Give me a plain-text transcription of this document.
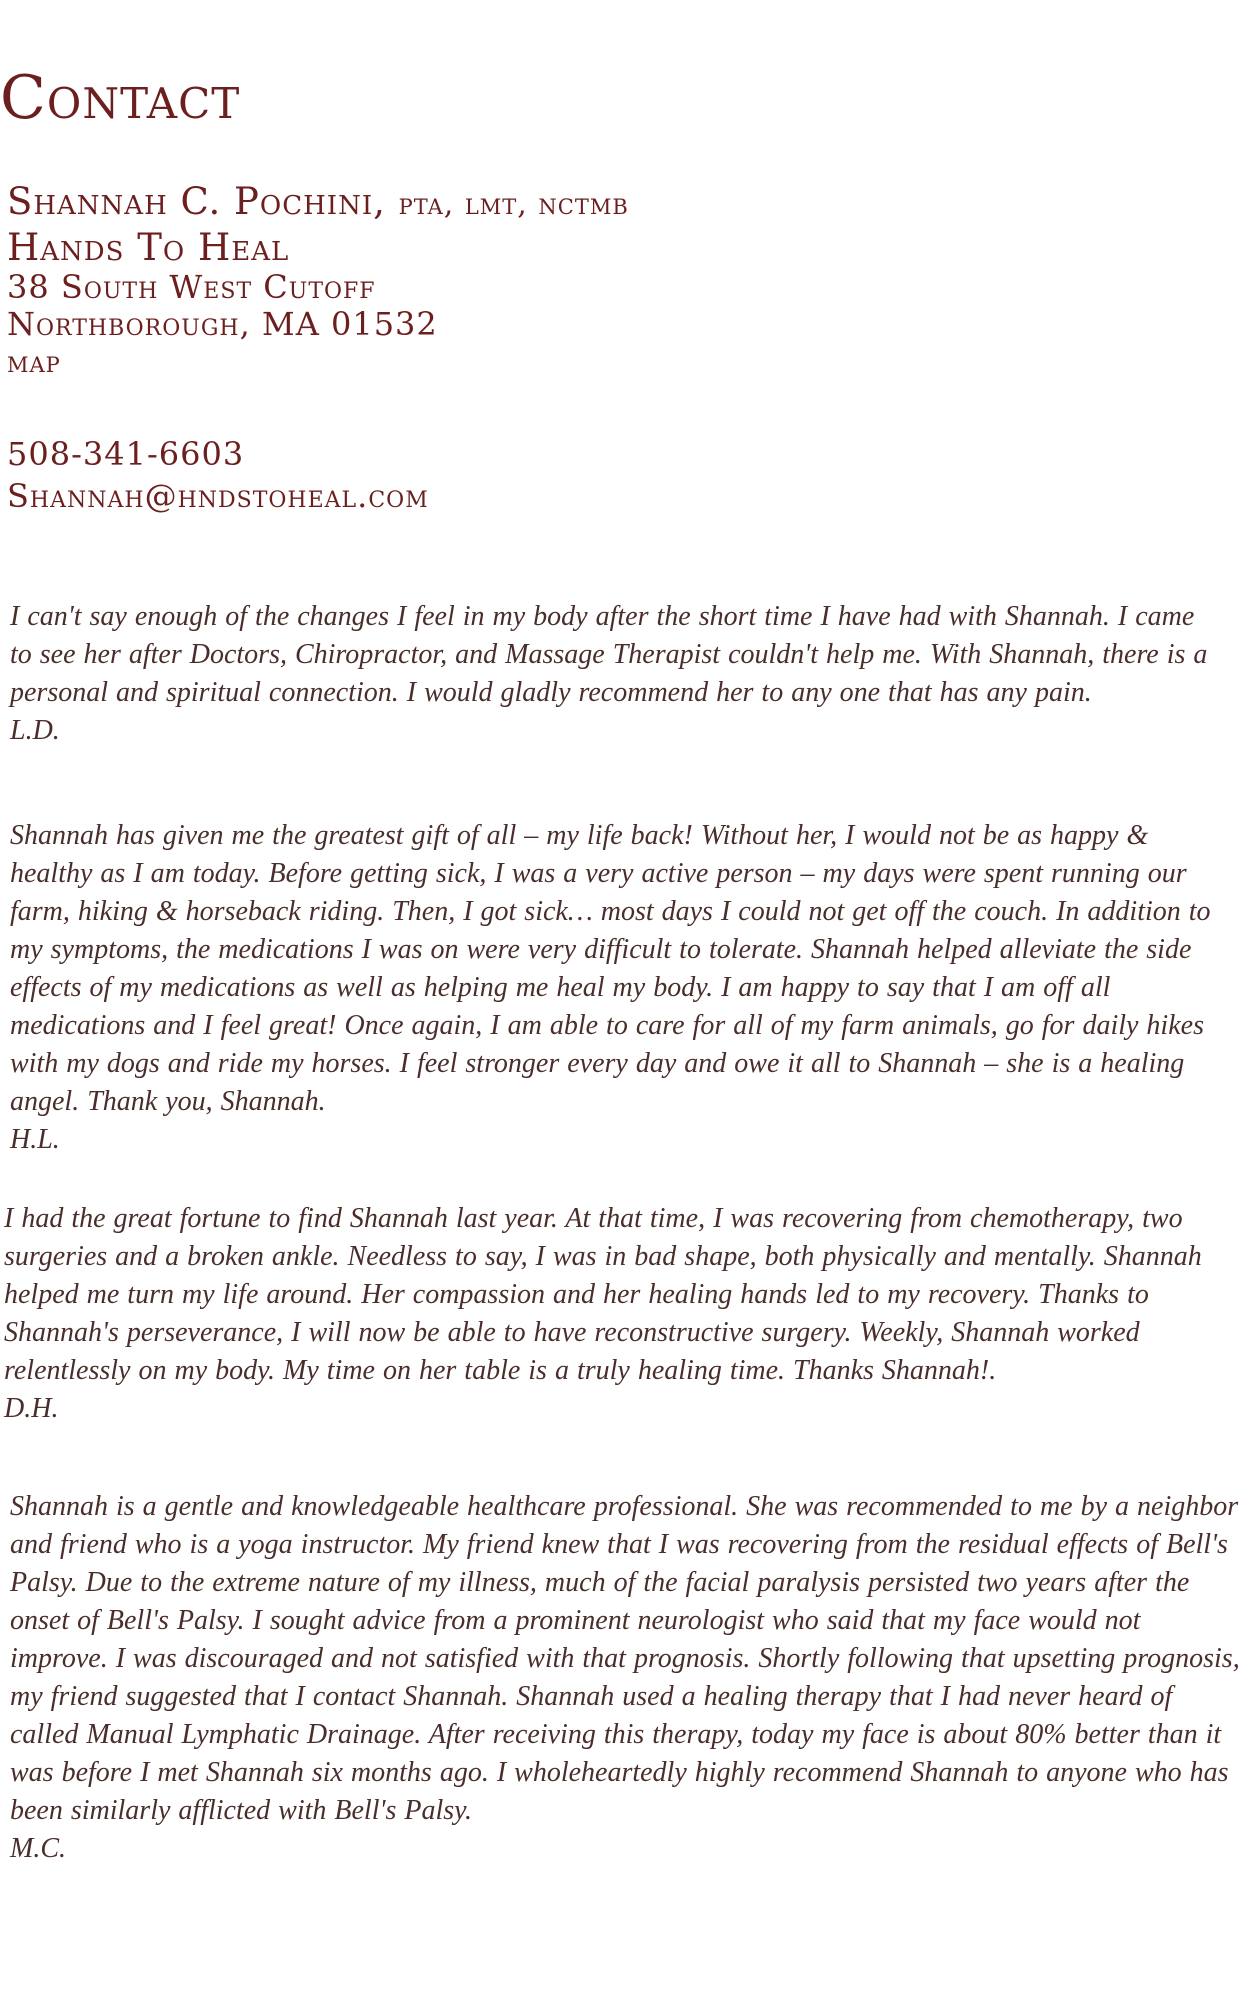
Contact
Shannah C. Pochini, pta, lmt, nctmb
Hands To Heal
38 South West Cutoff
Northborough, MA 01532
map
508-341-6603
Shannah@hndstoheal.com

I can't say enough of the changes I feel in my body after the short time I have had with Shannah. I came to see her after Doctors, Chiropractor, and Massage Therapist couldn't help me. With Shannah, there is a personal and spiritual connection. I would gladly recommend her to any one that has any pain.
L.D.

Shannah has given me the greatest gift of all – my life back! Without her, I would not be as happy & healthy as I am today. Before getting sick, I was a very active person – my days were spent running our farm, hiking & horseback riding. Then, I got sick… most days I could not get off the couch. In addition to my symptoms, the medications I was on were very difficult to tolerate. Shannah helped alleviate the side effects of my medications as well as helping me heal my body. I am happy to say that I am off all medications and I feel great! Once again, I am able to care for all of my farm animals, go for daily hikes with my dogs and ride my horses. I feel stronger every day and owe it all to Shannah – she is a healing angel. Thank you, Shannah.
H.L.

I had the great fortune to find Shannah last year. At that time, I was recovering from chemotherapy, two surgeries and a broken ankle. Needless to say, I was in bad shape, both physically and mentally. Shannah helped me turn my life around. Her compassion and her healing hands led to my recovery. Thanks to Shannah's perseverance, I will now be able to have reconstructive surgery. Weekly, Shannah worked relentlessly on my body. My time on her table is a truly healing time. Thanks Shannah!.
D.H.

Shannah is a gentle and knowledgeable healthcare professional. She was recommended to me by a neighbor and friend who is a yoga instructor. My friend knew that I was recovering from the residual effects of Bell's Palsy. Due to the extreme nature of my illness, much of the facial paralysis persisted two years after the onset of Bell's Palsy. I sought advice from a prominent neurologist who said that my face would not improve. I was discouraged and not satisfied with that prognosis. Shortly following that upsetting prognosis, my friend suggested that I contact Shannah. Shannah used a healing therapy that I had never heard of called Manual Lymphatic Drainage. After receiving this therapy, today my face is about 80% better than it was before I met Shannah six months ago. I wholeheartedly highly recommend Shannah to anyone who has been similarly afflicted with Bell's Palsy.
M.C.
